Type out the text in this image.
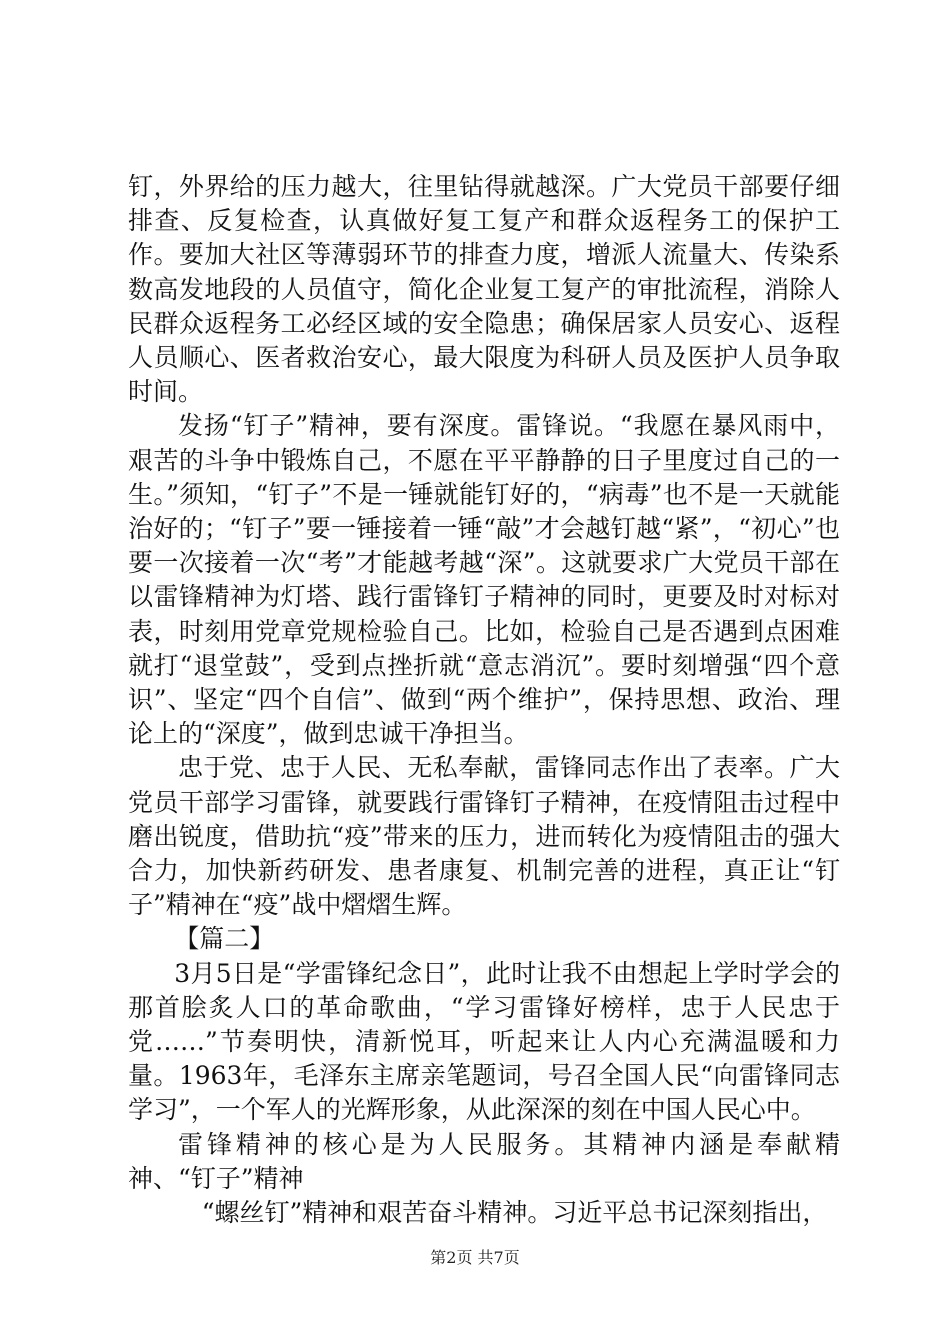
钉，外界给的压力越大，往里钻得就越深。广大党员干部要仔细排查、反复检查，认真做好复工复产和群众返程务工的保护工作。要加大社区等薄弱环节的排查力度，增派人流量大、传染系数高发地段的人员值守，简化企业复工复产的审批流程，消除人民群众返程务工必经区域的安全隐患；确保居家人员安心、返程人员顺心、医者救治安心，最大限度为科研人员及医护人员争取时间。

发扬“钉子”精神，要有深度。雷锋说。“我愿在暴风雨中，艰苦的斗争中锻炼自己，不愿在平平静静的日子里度过自己的一生。”须知，“钉子”不是一锤就能钉好的，“病毒”也不是一天就能治好的；“钉子”要一锤接着一锤“敲”才会越钉越“紧”，“初心”也要一次接着一次“考”才能越考越“深”。这就要求广大党员干部在以雷锋精神为灯塔、践行雷锋钉子精神的同时，更要及时对标对表，时刻用党章党规检验自己。比如，检验自己是否遇到点困难就打“退堂鼓”，受到点挫折就“意志消沉”。要时刻增强“四个意识”、坚定“四个自信”、做到“两个维护”，保持思想、政治、理论上的“深度”，做到忠诚干净担当。

忠于党、忠于人民、无私奉献，雷锋同志作出了表率。广大党员干部学习雷锋，就要践行雷锋钉子精神，在疫情阻击过程中磨出锐度，借助抗“疫”带来的压力，进而转化为疫情阻击的强大合力，加快新药研发、患者康复、机制完善的进程，真正让“钉子”精神在“疫”战中熠熠生辉。

【篇二】

3月5日是“学雷锋纪念日”，此时让我不由想起上学时学会的那首脍炙人口的革命歌曲，“学习雷锋好榜样，忠于人民忠于党……”节奏明快，清新悦耳，听起来让人内心充满温暖和力量。1963年，毛泽东主席亲笔题词，号召全国人民“向雷锋同志学习”，一个军人的光辉形象，从此深深的刻在中国人民心中。

雷锋精神的核心是为人民服务。其精神内涵是奉献精神、“钉子”精神

“螺丝钉”精神和艰苦奋斗精神。习近平总书记深刻指出，

第2页 共7页
